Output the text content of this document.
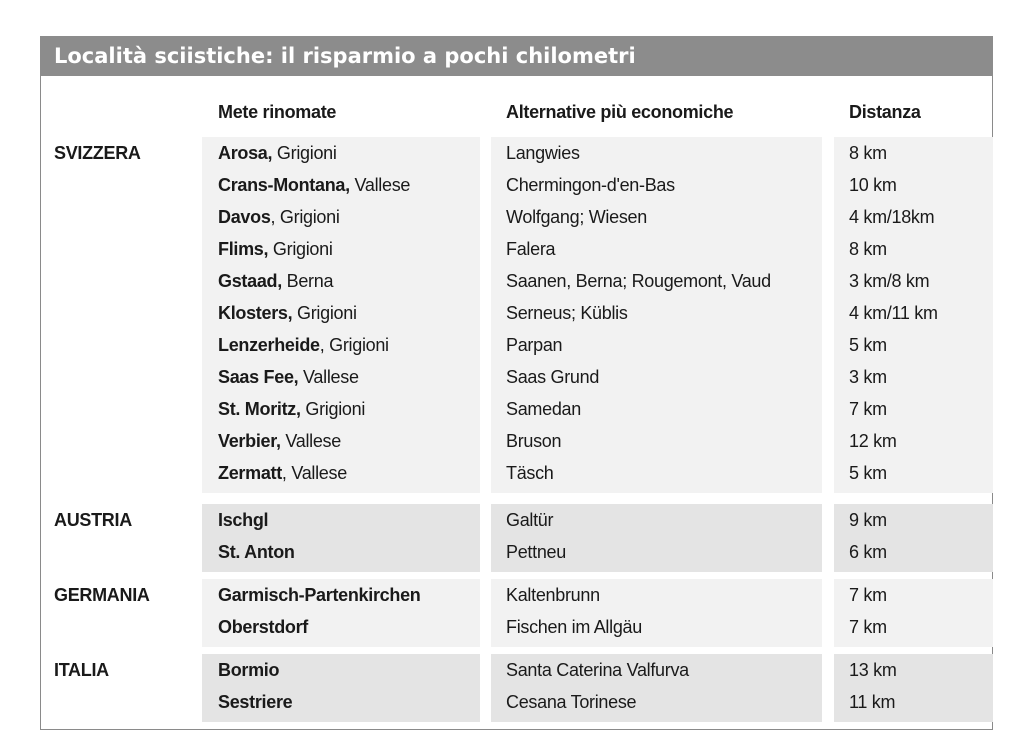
Località sciistiche: il risparmio a pochi chilometri
Mete rinomate	Alternative più economiche	Distanza
SVIZZERA	Arosa, Grigioni	Langwies	8 km
Crans-Montana, Vallese	Chermingon-d'en-Bas	10 km
Davos, Grigioni	Wolfgang; Wiesen	4 km/18km
Flims, Grigioni	Falera	8 km
Gstaad, Berna	Saanen, Berna; Rougemont, Vaud	3 km/8 km
Klosters, Grigioni	Serneus; Küblis	4 km/11 km
Lenzerheide, Grigioni	Parpan	5 km
Saas Fee, Vallese	Saas Grund	3 km
St. Moritz, Grigioni	Samedan	7 km
Verbier, Vallese	Bruson	12 km
Zermatt, Vallese	Täsch	5 km
AUSTRIA	Ischgl	Galtür	9 km
St. Anton	Pettneu	6 km
GERMANIA	Garmisch-Partenkirchen	Kaltenbrunn	7 km
Oberstdorf	Fischen im Allgäu	7 km
ITALIA	Bormio	Santa Caterina Valfurva	13 km
Sestriere	Cesana Torinese	11 km
